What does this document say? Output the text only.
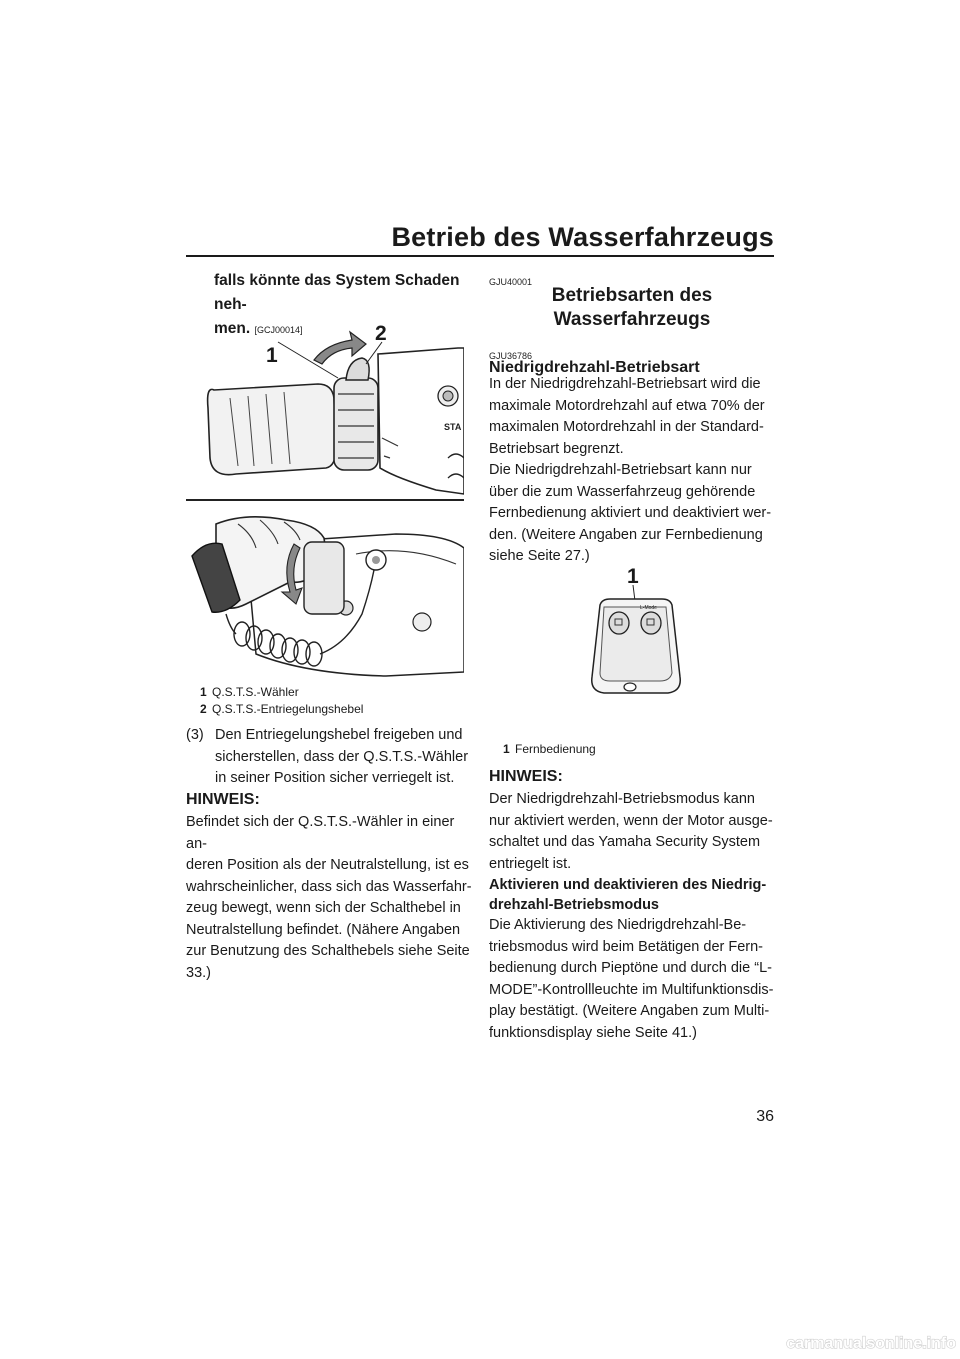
Betrieb des Wasserfahrzeugs
falls könnte das System Schaden neh-
men. [GCJ00014]
STA
1
2
1 Q.S.T.S.-Wähler
2 Q.S.T.S.-Entriegelungshebel
(3) Den Entriegelungshebel freigeben und
sicherstellen, dass der Q.S.T.S.-Wähler
in seiner Position sicher verriegelt ist.
HINWEIS:
Befindet sich der Q.S.T.S.-Wähler in einer an-
deren Position als der Neutralstellung, ist es
wahrscheinlicher, dass sich das Wasserfahr-
zeug bewegt, wenn sich der Schalthebel in
Neutralstellung befindet. (Nähere Angaben
zur Benutzung des Schalthebels siehe Seite
33.)
GJU40001
Betriebsarten des
Wasserfahrzeugs
GJU36786
Niedrigdrehzahl-Betriebsart
In der Niedrigdrehzahl-Betriebsart wird die
maximale Motordrehzahl auf etwa 70% der
maximalen Motordrehzahl in der Standard-
Betriebsart begrenzt.
Die Niedrigdrehzahl-Betriebsart kann nur
über die zum Wasserfahrzeug gehörende
Fernbedienung aktiviert und deaktiviert wer-
den. (Weitere Angaben zur Fernbedienung
siehe Seite 27.)
1
L-Mode
1 Fernbedienung
HINWEIS:
Der Niedrigdrehzahl-Betriebsmodus kann
nur aktiviert werden, wenn der Motor ausge-
schaltet und das Yamaha Security System
entriegelt ist.
Aktivieren und deaktivieren des Niedrig-
drehzahl-Betriebsmodus
Die Aktivierung des Niedrigdrehzahl-Be-
triebsmodus wird beim Betätigen der Fern-
bedienung durch Pieptöne und durch die “L-
MODE”-Kontrollleuchte im Multifunktionsdis-
play bestätigt. (Weitere Angaben zum Multi-
funktionsdisplay siehe Seite 41.)
36
carmanualsonline.info
